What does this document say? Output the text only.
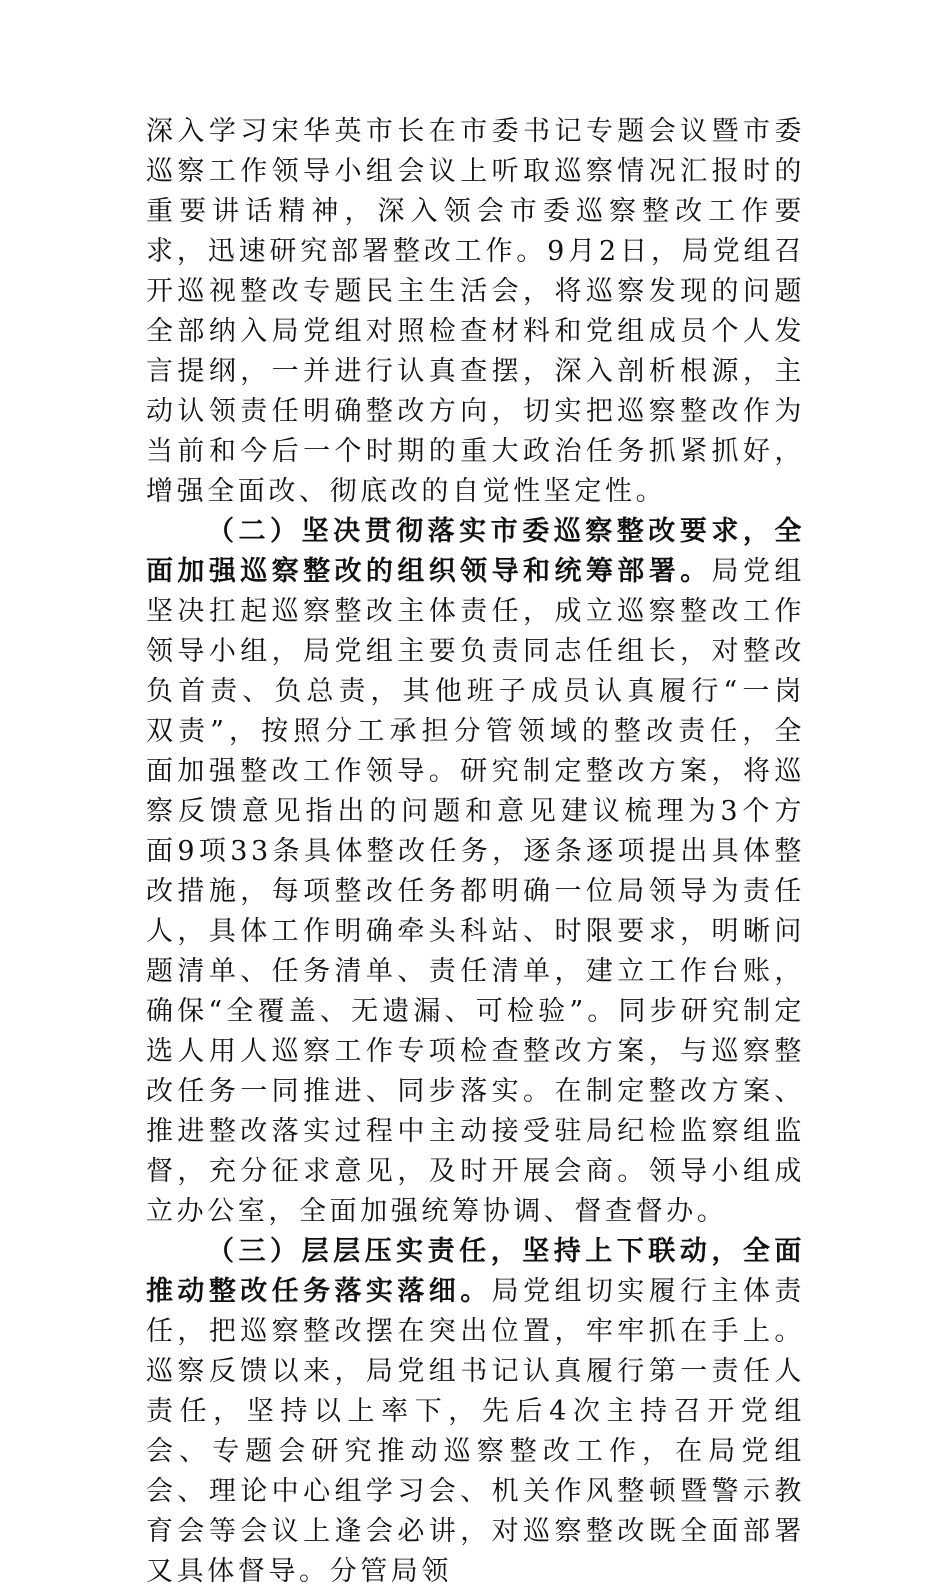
深入学习宋华英市长在市委书记专题会议暨市委巡察工作领导小组会议上听取巡察情况汇报时的重要讲话精神，深入领会市委巡察整改工作要求，迅速研究部署整改工作。9月2日，局党组召开巡视整改专题民主生活会，将巡察发现的问题全部纳入局党组对照检查材料和党组成员个人发言提纲，一并进行认真查摆，深入剖析根源，主动认领责任明确整改方向，切实把巡察整改作为当前和今后一个时期的重大政治任务抓紧抓好，增强全面改、彻底改的自觉性坚定性。

（二）坚决贯彻落实市委巡察整改要求，全面加强巡察整改的组织领导和统筹部署。局党组坚决扛起巡察整改主体责任，成立巡察整改工作领导小组，局党组主要负责同志任组长，对整改负首责、负总责，其他班子成员认真履行“一岗双责”，按照分工承担分管领域的整改责任，全面加强整改工作领导。研究制定整改方案，将巡察反馈意见指出的问题和意见建议梳理为3个方面9项33条具体整改任务，逐条逐项提出具体整改措施，每项整改任务都明确一位局领导为责任人，具体工作明确牵头科站、时限要求，明晰问题清单、任务清单、责任清单，建立工作台账，确保“全覆盖、无遗漏、可检验”。同步研究制定选人用人巡察工作专项检查整改方案，与巡察整改任务一同推进、同步落实。在制定整改方案、推进整改落实过程中主动接受驻局纪检监察组监督，充分征求意见，及时开展会商。领导小组成立办公室，全面加强统筹协调、督查督办。

（三）层层压实责任，坚持上下联动，全面推动整改任务落实落细。局党组切实履行主体责任，把巡察整改摆在突出位置，牢牢抓在手上。巡察反馈以来，局党组书记认真履行第一责任人责任，坚持以上率下，先后4次主持召开党组会、专题会研究推动巡察整改工作，在局党组会、理论中心组学习会、机关作风整顿暨警示教育会等会议上逢会必讲，对巡察整改既全面部署又具体督导。分管局领
